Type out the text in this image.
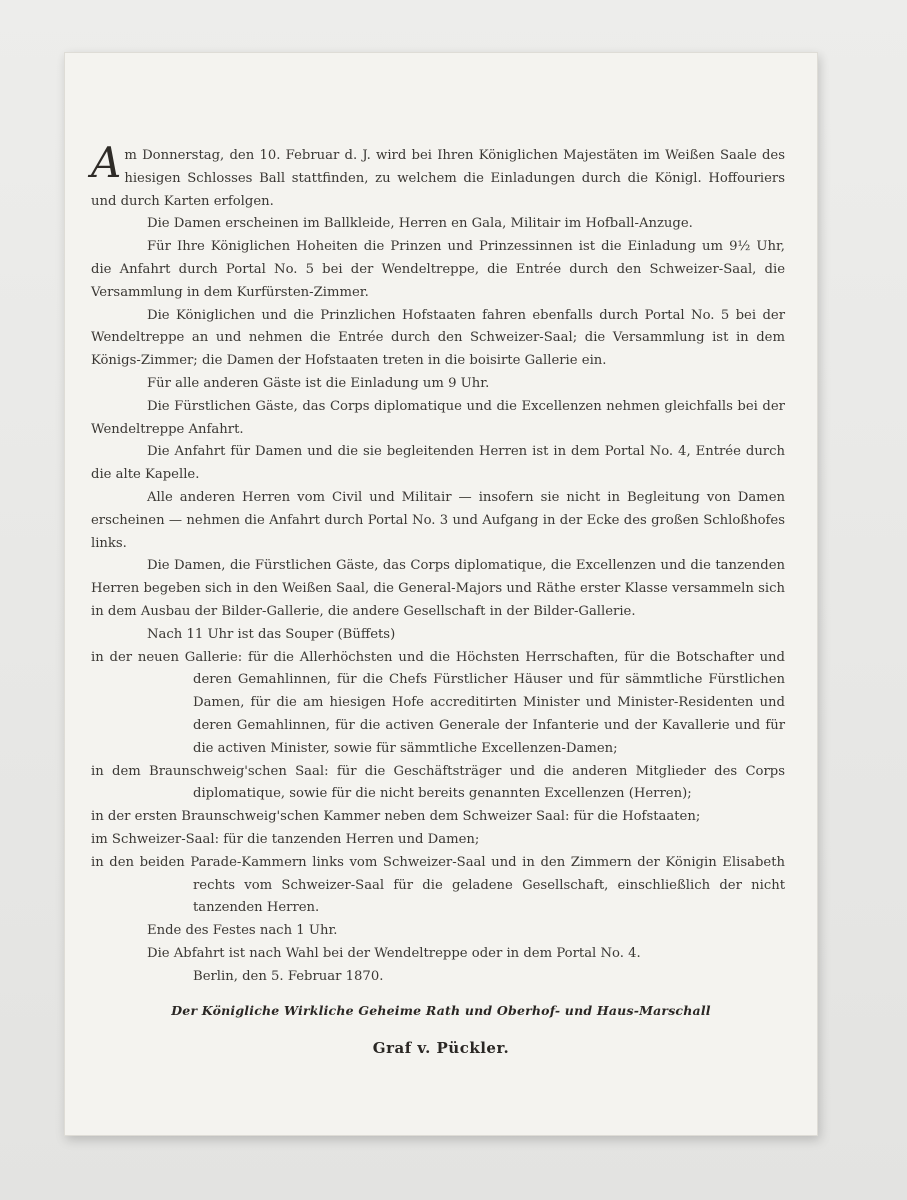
Am Donnerstag, den 10. Februar d. J. wird bei Ihren Königlichen Majestäten im Weißen Saale des hiesigen Schlosses Ball stattfinden, zu welchem die Einladungen durch die Königl. Hoffouriers und durch Karten erfolgen.

Die Damen erscheinen im Ballkleide, Herren en Gala, Militair im Hofball-Anzuge.

Für Ihre Königlichen Hoheiten die Prinzen und Prinzessinnen ist die Einladung um 9½ Uhr, die Anfahrt durch Portal No. 5 bei der Wendeltreppe, die Entrée durch den Schweizer-Saal, die Versammlung in dem Kurfürsten-Zimmer.

Die Königlichen und die Prinzlichen Hofstaaten fahren ebenfalls durch Portal No. 5 bei der Wendeltreppe an und nehmen die Entrée durch den Schweizer-Saal; die Versammlung ist in dem Königs-Zimmer; die Damen der Hofstaaten treten in die boisirte Gallerie ein.

Für alle anderen Gäste ist die Einladung um 9 Uhr.

Die Fürstlichen Gäste, das Corps diplomatique und die Excellenzen nehmen gleichfalls bei der Wendeltreppe Anfahrt.

Die Anfahrt für Damen und die sie begleitenden Herren ist in dem Portal No. 4, Entrée durch die alte Kapelle.

Alle anderen Herren vom Civil und Militair — insofern sie nicht in Begleitung von Damen erscheinen — nehmen die Anfahrt durch Portal No. 3 und Aufgang in der Ecke des großen Schloßhofes links.

Die Damen, die Fürstlichen Gäste, das Corps diplomatique, die Excellenzen und die tanzenden Herren begeben sich in den Weißen Saal, die General-Majors und Räthe erster Klasse versammeln sich in dem Ausbau der Bilder-Gallerie, die andere Gesellschaft in der Bilder-Gallerie.

Nach 11 Uhr ist das Souper (Büffets)

in der neuen Gallerie: für die Allerhöchsten und die Höchsten Herrschaften, für die Botschafter und deren Gemahlinnen, für die Chefs Fürstlicher Häuser und für sämmtliche Fürstlichen Damen, für die am hiesigen Hofe accreditirten Minister und Minister-Residenten und deren Gemahlinnen, für die activen Generale der Infanterie und der Kavallerie und für die activen Minister, sowie für sämmtliche Excellenzen-Damen;

in dem Braunschweig'schen Saal: für die Geschäftsträger und die anderen Mitglieder des Corps diplomatique, sowie für die nicht bereits genannten Excellenzen (Herren);

in der ersten Braunschweig'schen Kammer neben dem Schweizer Saal: für die Hofstaaten;

im Schweizer-Saal: für die tanzenden Herren und Damen;

in den beiden Parade-Kammern links vom Schweizer-Saal und in den Zimmern der Königin Elisabeth rechts vom Schweizer-Saal für die geladene Gesellschaft, einschließlich der nicht tanzenden Herren.

Ende des Festes nach 1 Uhr.

Die Abfahrt ist nach Wahl bei der Wendeltreppe oder in dem Portal No. 4.

Berlin, den 5. Februar 1870.

Der Königliche Wirkliche Geheime Rath und Oberhof- und Haus-Marschall
Graf v. Pückler.
